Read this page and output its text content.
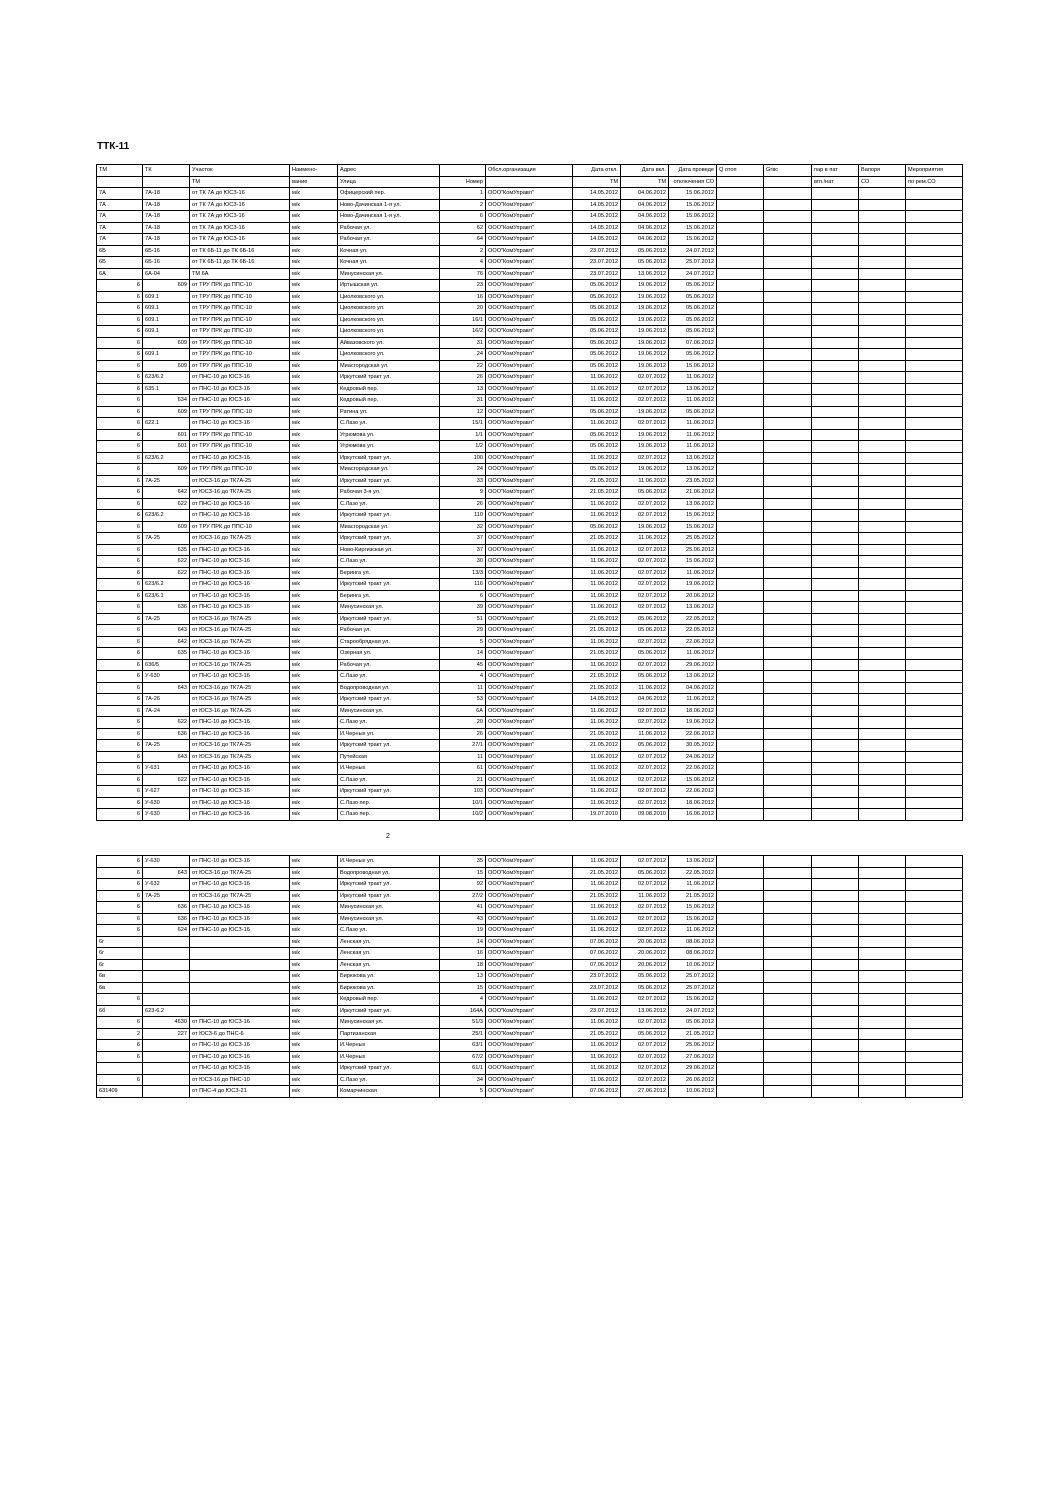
ТТК-11
ТМ	ТК	Участок	Наимено-	Адрес		Обсл.организация	Дата откл.	Дата вкл.	Дата проведе	Q отоп	Gгвс	пар в пат	Вапоря	Мероприятия
		ТМ	вание	Улица	Номер		ТМ	ТМ	отключения СО			вгп./нат	СО	по рем.СО
7А	7А-18	от ТК 7А до ЮСЗ-16	м/к	Офицерский пер.	1	ООО"КомУправл"	14.05.2012	04.06.2012	15.06.2012					
7А	7А-18	от ТК 7А до ЮСЗ-16	м/к	Ново-Дачинская 1-я ул.	2	ООО"КомУправл"	14.05.2012	04.06.2012	15.06.2012					
7А	7А-18	от ТК 7А до ЮСЗ-16	м/к	Ново-Дачинская 1-я ул.	6	ООО"КомУправл"	14.05.2012	04.06.2012	15.06.2012					
7А	7А-18	от ТК 7А до ЮСЗ-16	м/к	Рабочая ул.	62	ООО"КомУправл"	14.05.2012	04.06.2012	15.06.2012					
7А	7А-18	от ТК 7А до ЮСЗ-16	м/к	Рабочая ул.	64	ООО"КомУправл"	14.05.2012	04.06.2012	15.06.2012					
6Б	6Б-16	от ТК 6Б-11 до ТК 6Б-16	м/к	Кочная ул.	2	ООО"КомУправл"	23.07.2012	05.06.2012	24.07.2012					
6Б	6Б-16	от ТК 6Б-11 до ТК 6Б-16	м/к	Кочная ул.	4	ООО"КомУправл"	23.07.2012	05.06.2012	25.07.2012					
6А	6А-04	ТМ 6А	м/к	Минусинская ул.	76	ООО"КомУправл"	23.07.2012	13.06.2012	24.07.2012					
6	609	от ТРУ ПРК до ППС-10	м/к	Иртышская ул.	23	ООО"КомУправл"	05.06.2012	19.06.2012	05.06.2012					
6	609.1	от ТРУ ПРК до ППС-10	м/к	Циолковского ул.	16	ООО"КомУправл"	05.06.2012	19.06.2012	05.06.2012					
6	609.1	от ТРУ ПРК до ППС-10	м/к	Циолковского ул.	20	ООО"КомУправл"	05.06.2012	19.06.2012	05.06.2012					
6	609.1	от ТРУ ПРК до ППС-10	м/к	Циолковского ул.	16/1	ООО"КомУправл"	05.06.2012	19.06.2012	05.06.2012					
6	609.1	от ТРУ ПРК до ППС-10	м/к	Циолковского ул.	16/2	ООО"КомУправл"	05.06.2012	19.06.2012	05.06.2012					
6	609	от ТРУ ПРК до ППС-10	м/к	Айвазовского ул.	31	ООО"КомУправл"	05.06.2012	19.06.2012	07.06.2012					
6	609.1	от ТРУ ПРК до ППС-10	м/к	Циолковского ул.	24	ООО"КомУправл"	05.06.2012	19.06.2012	05.06.2012					
6	609	от ТРУ ПРК до ППС-10	м/к	Миасгородская ул.	22	ООО"КомУправл"	05.06.2012	19.06.2012	15.06.2012					
6	623/6.2	от ПНС-10 до ЮСЗ-16	м/к	Иркутский тракт ул.	26	ООО"КомУправл"	11.06.2012	02.07.2012	11.06.2012					
6	635.1	от ПНС-10 до ЮСЗ-16	м/к	Кедровый пер.	13	ООО"КомУправл"	11.06.2012	02.07.2012	13.06.2012					
6	634	от ПНС-10 до ЮСЗ-16	м/к	Кедровый пер.	31	ООО"КомУправл"	11.06.2012	02.07.2012	11.06.2012					
6	609	от ТРУ ПРК до ППС-10	м/к	Ратина ул.	12	ООО"КомУправл"	05.06.2012	19.06.2012	05.06.2012					
6	622.1	от ПНС-10 до ЮСЗ-16	м/к	С.Лазо ул.	15/1	ООО"КомУправл"	11.06.2012	02.07.2012	11.06.2012					
6	601	от ТРУ ПРК до ППС-10	м/к	Угрюмова ул.	1/1	ООО"КомУправл"	05.06.2012	19.06.2012	11.06.2012					
6	601	от ТРУ ПРК до ППС-10	м/к	Угрюмова ул.	1/2	ООО"КомУправл"	05.06.2012	19.06.2012	11.06.2012					
6	623/6.2	от ПНС-10 до ЮСЗ-16	м/к	Иркутский тракт ул.	100	ООО"КомУправл"	11.06.2012	02.07.2012	13.06.2012					
6	609	от ТРУ ПРК до ППС-10	м/к	Миасгородская ул.	24	ООО"КомУправл"	05.06.2012	19.06.2012	13.06.2012					
6	7А-25	от ЮСЗ-16 до ТК7А-25	м/к	Иркутский тракт ул.	33	ООО"КомУправл"	21.05.2012	11.06.2012	23.05.2012					
6	642	от ЮСЗ-16 до ТК7А-25	м/к	Рабочая 3-я ул.	9	ООО"КомУправл"	21.05.2012	05.06.2012	21.06.2012					
6	622	от ПНС-10 до ЮСЗ-16	м/к	С.Лазо ул.	26	ООО"КомУправл"	11.06.2012	02.07.2012	13.06.2012					
6	623/6.2	от ПНС-10 до ЮСЗ-16	м/к	Иркутский тракт ул.	110	ООО"КомУправл"	11.06.2012	02.07.2012	15.06.2012					
6	609	от ТРУ ПРК до ППС-10	м/к	Миасгородская ул.	32	ООО"КомУправл"	05.06.2012	19.06.2012	15.06.2012					
6	7А-25	от ЮСЗ-16 до ТК7А-25	м/к	Иркутский тракт ул.	37	ООО"КомУправл"	21.05.2012	11.06.2012	25.05.2012					
6	635	от ПНС-10 до ЮСЗ-16	м/к	Ново-Киргизская ул.	37	ООО"КомУправл"	11.06.2012	02.07.2012	25.06.2012					
6	622	от ПНС-10 до ЮСЗ-16	м/к	С.Лазо ул.	30	ООО"КомУправл"	11.06.2012	02.07.2012	15.06.2012					
6	622	от ПНС-10 до ЮСЗ-16	м/к	Беринга ул.	13/3	ООО"КомУправл"	11.06.2012	02.07.2012	11.06.2012					
6	623/6.2	от ПНС-10 до ЮСЗ-16	м/к	Иркутский тракт ул.	116	ООО"КомУправл"	11.06.2012	02.07.2012	19.06.2012					
6	623/6.1	от ПНС-10 до ЮСЗ-16	м/к	Беринга ул.	6	ООО"КомУправл"	11.06.2012	02.07.2012	20.06.2012					
6	636	от ПНС-10 до ЮСЗ-16	м/к	Минусинская ул.	39	ООО"КомУправл"	11.06.2012	02.07.2012	13.06.2012					
6	7А-25	от ЮСЗ-16 до ТК7А-25	м/к	Иркутский тракт ул.	51	ООО"КомУправл"	21.05.2012	05.06.2012	22.05.2012					
6	643	от ЮСЗ-16 до ТК7А-25	м/к	Рабочая ул.	29	ООО"КомУправл"	21.05.2012	05.06.2012	22.05.2012					
6	642	от ЮСЗ-16 до ТК7А-25	м/к	Старообрядная ул.	5	ООО"КомУправл"	11.06.2012	02.07.2012	22.06.2012					
6	635	от ПНС-10 до ЮСЗ-16	м/к	Озерная ул.	14	ООО"КомУправл"	21.05.2012	05.06.2012	11.06.2012					
6	636/5	от ЮСЗ-16 до ТК7А-25	м/к	Рабочая ул.	45	ООО"КомУправл"	11.06.2012	02.07.2012	29.06.2012					
6	У-630	от ПНС-10 до ЮСЗ-16	м/к	С.Лазо ул.	4	ООО"КомУправл"	21.05.2012	05.06.2012	13.06.2012					
6	643	от ЮСЗ-16 до ТК7А-25	м/к	Водопроводная ул.	11	ООО"КомУправл"	21.05.2012	11.06.2012	04.06.2012					
6	7А-26	от ЮСЗ-16 до ТК7А-25	м/к	Иркутский тракт ул.	53	ООО"КомУправл"	14.05.2012	04.06.2012	11.06.2012					
6	7А-24	от ЮСЗ-16 до ТК7А-25	м/к	Минусинская ул.	6А	ООО"КомУправл"	11.06.2012	02.07.2012	18.06.2012					
6	622	от ПНС-10 до ЮСЗ-16	м/к	С.Лазо ул.	20	ООО"КомУправл"	11.06.2012	02.07.2012	19.06.2012					
6	636	от ПНС-10 до ЮСЗ-16	м/к	И.Черных ул.	26	ООО"КомУправл"	21.05.2012	11.06.2012	22.06.2012					
6	7А-25	от ЮСЗ-16 до ТК7А-25	м/к	Иркутский тракт ул.	27/1	ООО"КомУправл"	21.05.2012	05.06.2012	30.05.2012					
6	643	от ЮСЗ-16 до ТК7А-25	м/к	Путейская	11	ООО"КомУправл"	11.06.2012	02.07.2012	24.06.2012					
6	У-631	от ПНС-10 до ЮСЗ-16	м/к	И.Черных	61	ООО"КомУправл"	11.06.2012	02.07.2012	22.06.2012					
6	622	от ПНС-10 до ЮСЗ-16	м/к	С.Лазо ул.	21	ООО"КомУправл"	11.06.2012	02.07.2012	15.06.2012					
6	У-627	от ПНС-10 до ЮСЗ-16	м/к	Иркутский тракт ул.	103	ООО"КомУправл"	11.06.2012	02.07.2012	22.06.2012					
6	У-630	от ПНС-10 до ЮСЗ-16	м/к	С.Лазо пер.	10/1	ООО"КомУправл"	11.06.2012	02.07.2012	18.06.2012					
6	У-630	от ПНС-10 до ЮСЗ-16	м/к	С.Лазо пер.	10/2	ООО"КомУправл"	19.07.2010	09.08.2010	16.06.2012					
2
6	У-630	от ПНС-10 до ЮСЗ-16	м/к	И.Черных ул.	35	ООО"КомУправл"	11.06.2012	02.07.2012	13.06.2012					
6	643	от ЮСЗ-16 до ТК7А-25	м/к	Водопроводная ул.	15	ООО"КомУправл"	21.05.2012	05.06.2012	22.05.2012					
6	У-632	от ПНС-10 до ЮСЗ-16	м/к	Иркутский тракт ул.	92	ООО"КомУправл"	11.06.2012	02.07.2012	11.06.2012					
6	7А-25	от ЮСЗ-16 до ТК7А-25	м/к	Иркутский тракт ул.	27/2	ООО"КомУправл"	21.05.2012	11.06.2012	21.05.2012					
6	636	от ПНС-10 до ЮСЗ-16	м/к	Минусинская ул.	41	ООО"КомУправл"	11.06.2012	02.07.2012	15.06.2012					
6	636	от ПНС-10 до ЮСЗ-16	м/к	Минусинская ул.	43	ООО"КомУправл"	11.06.2012	02.07.2012	15.06.2012					
6	624	от ПНС-10 до ЮСЗ-16	м/к	С.Лазо ул.	19	ООО"КомУправл"	11.06.2012	02.07.2012	11.06.2012					
6г			м/к	Ленская ул.	14	ООО"КомУправл"	07.06.2012	20.06.2012	08.06.2012					
6г			м/к	Ленская ул.	16	ООО"КомУправл"	07.06.2012	20.06.2012	08.06.2012					
6г			м/к	Ленская ул.	18	ООО"КомУправл"	07.06.2012	20.06.2012	10.06.2012					
6в			м/к	Бирюкова ул.	13	ООО"КомУправл"	23.07.2012	05.06.2012	25.07.2012					
6в			м/к	Бирюкова ул.	15	ООО"КомУправл"	23.07.2012	05.06.2012	25.07.2012					
6			м/к	Кедровый пер.	4	ООО"КомУправл"	11.06.2012	02.07.2012	15.06.2012					
6б	623-6.2		м/к	Иркутский тракт ул.	164А	ООО"КомУправл"	23.07.2012	13.06.2012	24.07.2012					
6	4630	от ПНС-10 до ЮСЗ-16	м/к	Минусинская ул.	51/3	ООО"КомУправл"	11.06.2012	02.07.2012	05.06.2012					
2	227	от ЮСЗ-6 до ПНС-6	м/к	Партизанская	25/1	ООО"КомУправл"	21.05.2012	05.06.2012	21.05.2012					
6		от ПНС-10 до ЮСЗ-16	м/к	И.Черных	63/1	ООО"КомУправл"	11.06.2012	02.07.2012	25.06.2012					
6		от ПНС-10 до ЮСЗ-16	м/к	И.Черных	67/2	ООО"КомУправл"	11.06.2012	02.07.2012	27.06.2012					
		от ПНС-10 до ЮСЗ-16	м/к	Иркутский тракт ул.	61/1	ООО"КомУправл"	11.06.2012	02.07.2012	29.06.2012					
6		от ЮСЗ-16 до ПНС-10	м/к	С.Лазо ул.	34	ООО"КомУправл"	11.06.2012	02.07.2012	26.06.2012					
631409		от ПНС-4 до ЮСЗ-21	м/к	Комарчинская	5	ООО"КомУправл"	07.06.2012	27.06.2012	10.06.2012					
